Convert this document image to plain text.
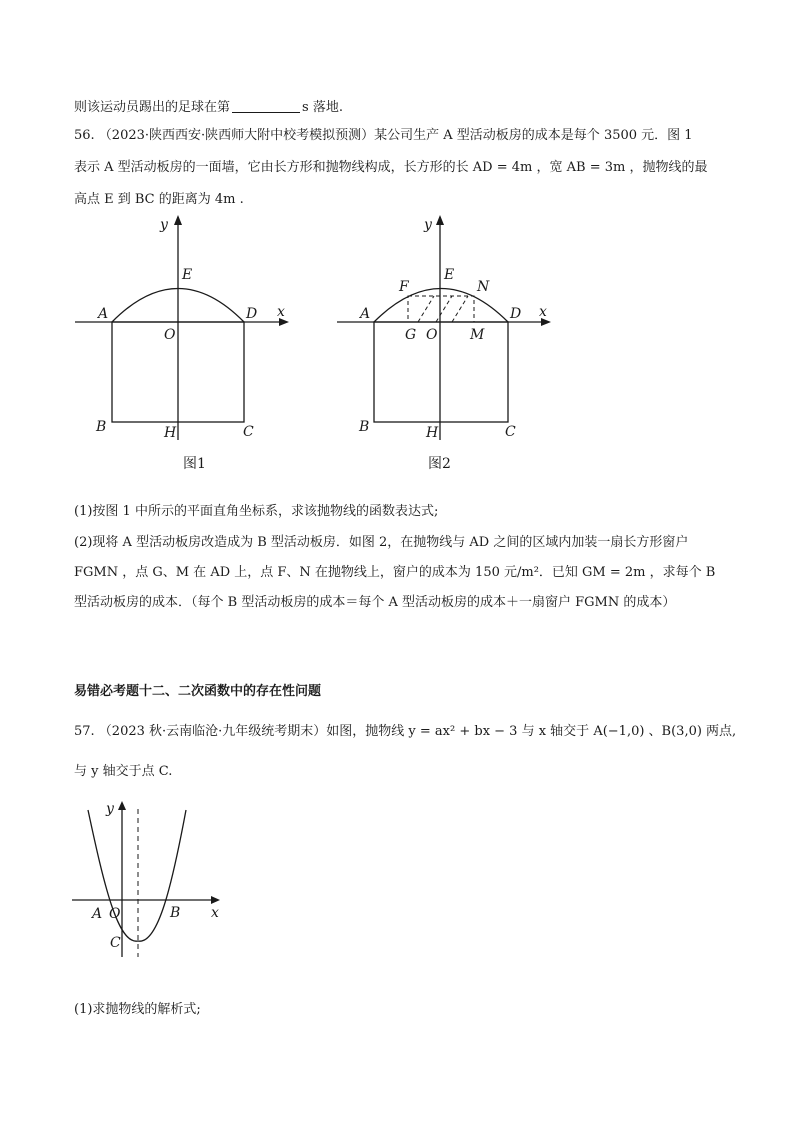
则该运动员踢出的足球在第	s 落地.
56. （2023·陕西西安·陕西师大附中校考模拟预测）某公司生产 A 型活动板房的成本是每个 3500 元．图 1
表示 A 型活动板房的一面墙，它由长方形和抛物线构成，长方形的长 AD = 4m ，宽 AB = 3m ，抛物线的最
高点 E 到 BC 的距离为 4m .
y
x
E
A	D
O
B	H	C
图1
y
x
E
F	N
A	D
G O M
B	H	C
图2
(1)按图 1 中所示的平面直角坐标系，求该抛物线的函数表达式;
(2)现将 A 型活动板房改造成为 B 型活动板房．如图 2，在抛物线与 AD 之间的区域内加装一扇长方形窗户
FGMN ，点 G、M 在 AD 上，点 F、N 在抛物线上，窗户的成本为 150 元/m²．已知 GM = 2m ，求每个 B
型活动板房的成本．（每个 B 型活动板房的成本＝每个 A 型活动板房的成本＋一扇窗户 FGMN 的成本）
易错必考题十二、二次函数中的存在性问题
57. （2023 秋·云南临沧·九年级统考期末）如图，抛物线 y = ax² + bx − 3 与 x 轴交于 A(−1,0) 、B(3,0) 两点,
与 y 轴交于点 C.
y
x
A O	B
C
(1)求抛物线的解析式;
